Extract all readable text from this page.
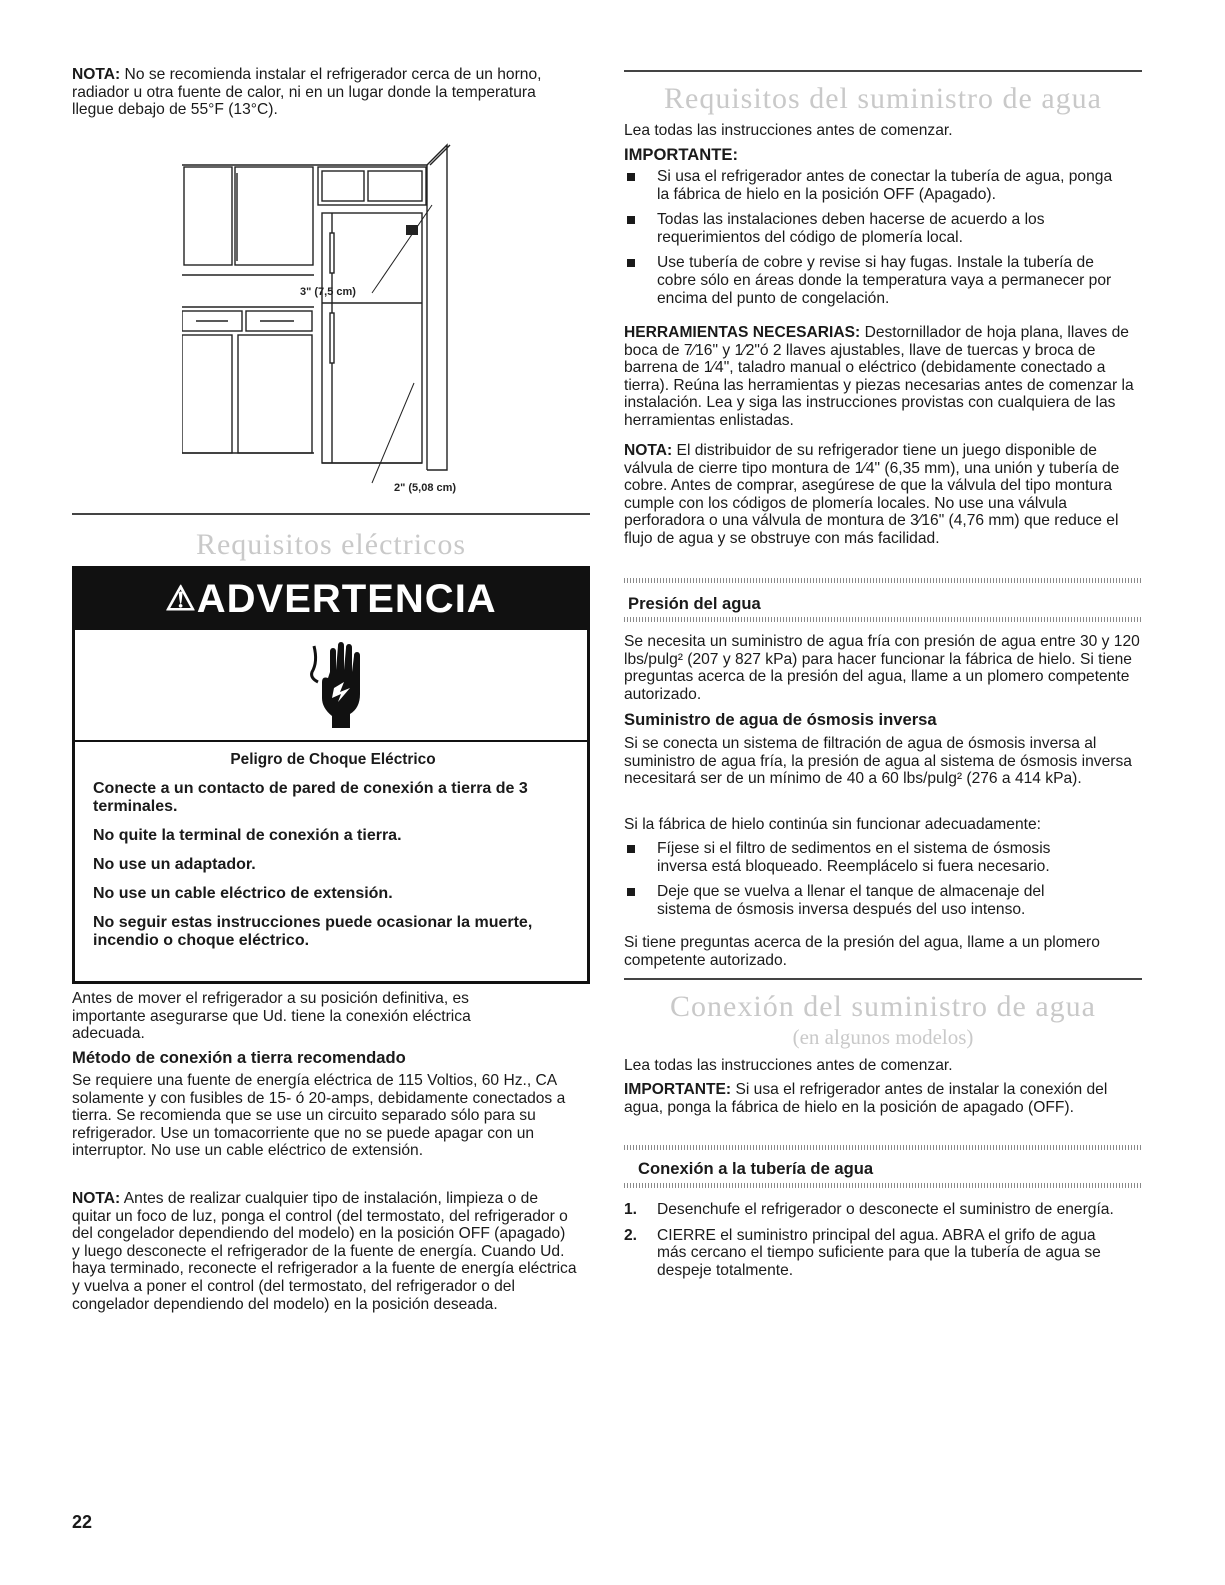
NOTA: No se recomienda instalar el refrigerador cerca de un horno, radiador u otra fuente de calor, ni en un lugar donde la temperatura llegue debajo de 55°F (13°C).

3" (7,5 cm)
2" (5,08 cm)
Requisitos eléctricos
⚠ADVERTENCIA

Peligro de Choque Eléctrico

Conecte a un contacto de pared de conexión a tierra de 3 terminales.

No quite la terminal de conexión a tierra.

No use un adaptador.

No use un cable eléctrico de extensión.

No seguir estas instrucciones puede ocasionar la muerte, incendio o choque eléctrico.

Antes de mover el refrigerador a su posición definitiva, es importante asegurarse que Ud. tiene la conexión eléctrica adecuada.

Método de conexión a tierra recomendado

Se requiere una fuente de energía eléctrica de 115 Voltios, 60 Hz., CA solamente y con fusibles de 15- ó 20-amps, debidamente conectados a tierra. Se recomienda que se use un circuito separado sólo para su refrigerador. Use un tomacorriente que no se puede apagar con un interruptor. No use un cable eléctrico de extensión.

NOTA: Antes de realizar cualquier tipo de instalación, limpieza o de quitar un foco de luz, ponga el control (del termostato, del refrigerador o del congelador dependiendo del modelo) en la posición OFF (apagado) y luego desconecte el refrigerador de la fuente de energía. Cuando Ud. haya terminado, reconecte el refrigerador a la fuente de energía eléctrica y vuelva a poner el control (del termostato, del refrigerador o del congelador dependiendo del modelo) en la posición deseada.

Requisitos del suministro de agua

Lea todas las instrucciones antes de comenzar.

IMPORTANTE:

Si usa el refrigerador antes de conectar la tubería de agua, ponga la fábrica de hielo en la posición OFF (Apagado).

Todas las instalaciones deben hacerse de acuerdo a los requerimientos del código de plomería local.

Use tubería de cobre y revise si hay fugas. Instale la tubería de cobre sólo en áreas donde la temperatura vaya a permanecer por encima del punto de congelación.

HERRAMIENTAS NECESARIAS: Destornillador de hoja plana, llaves de boca de 7⁄16" y 1⁄2"ó 2 llaves ajustables, llave de tuercas y broca de barrena de 1⁄4", taladro manual o eléctrico (debidamente conectado a tierra). Reúna las herramientas y piezas necesarias antes de comenzar la instalación. Lea y siga las instrucciones provistas con cualquiera de las herramientas enlistadas.

NOTA: El distribuidor de su refrigerador tiene un juego disponible de válvula de cierre tipo montura de 1⁄4" (6,35 mm), una unión y tubería de cobre. Antes de comprar, asegúrese de que la válvula del tipo montura cumple con los códigos de plomería locales. No use una válvula perforadora o una válvula de montura de 3⁄16" (4,76 mm) que reduce el flujo de agua y se obstruye con más facilidad.

Presión del agua

Se necesita un suministro de agua fría con presión de agua entre 30 y 120 lbs/pulg² (207 y 827 kPa) para hacer funcionar la fábrica de hielo. Si tiene preguntas acerca de la presión del agua, llame a un plomero competente autorizado.

Suministro de agua de ósmosis inversa

Si se conecta un sistema de filtración de agua de ósmosis inversa al suministro de agua fría, la presión de agua al sistema de ósmosis inversa necesitará ser de un mínimo de 40 a 60 lbs/pulg² (276 a 414 kPa).

Si la fábrica de hielo continúa sin funcionar adecuadamente:

Fíjese si el filtro de sedimentos en el sistema de ósmosis inversa está bloqueado. Reemplácelo si fuera necesario.

Deje que se vuelva a llenar el tanque de almacenaje del sistema de ósmosis inversa después del uso intenso.

Si tiene preguntas acerca de la presión del agua, llame a un plomero competente autorizado.

Conexión del suministro de agua
(en algunos modelos)

Lea todas las instrucciones antes de comenzar.

IMPORTANTE: Si usa el refrigerador antes de instalar la conexión del agua, ponga la fábrica de hielo en la posición de apagado (OFF).

Conexión a la tubería de agua

1. Desenchufe el refrigerador o desconecte el suministro de energía.

2. CIERRE el suministro principal del agua. ABRA el grifo de agua más cercano el tiempo suficiente para que la tubería de agua se despeje totalmente.

22
